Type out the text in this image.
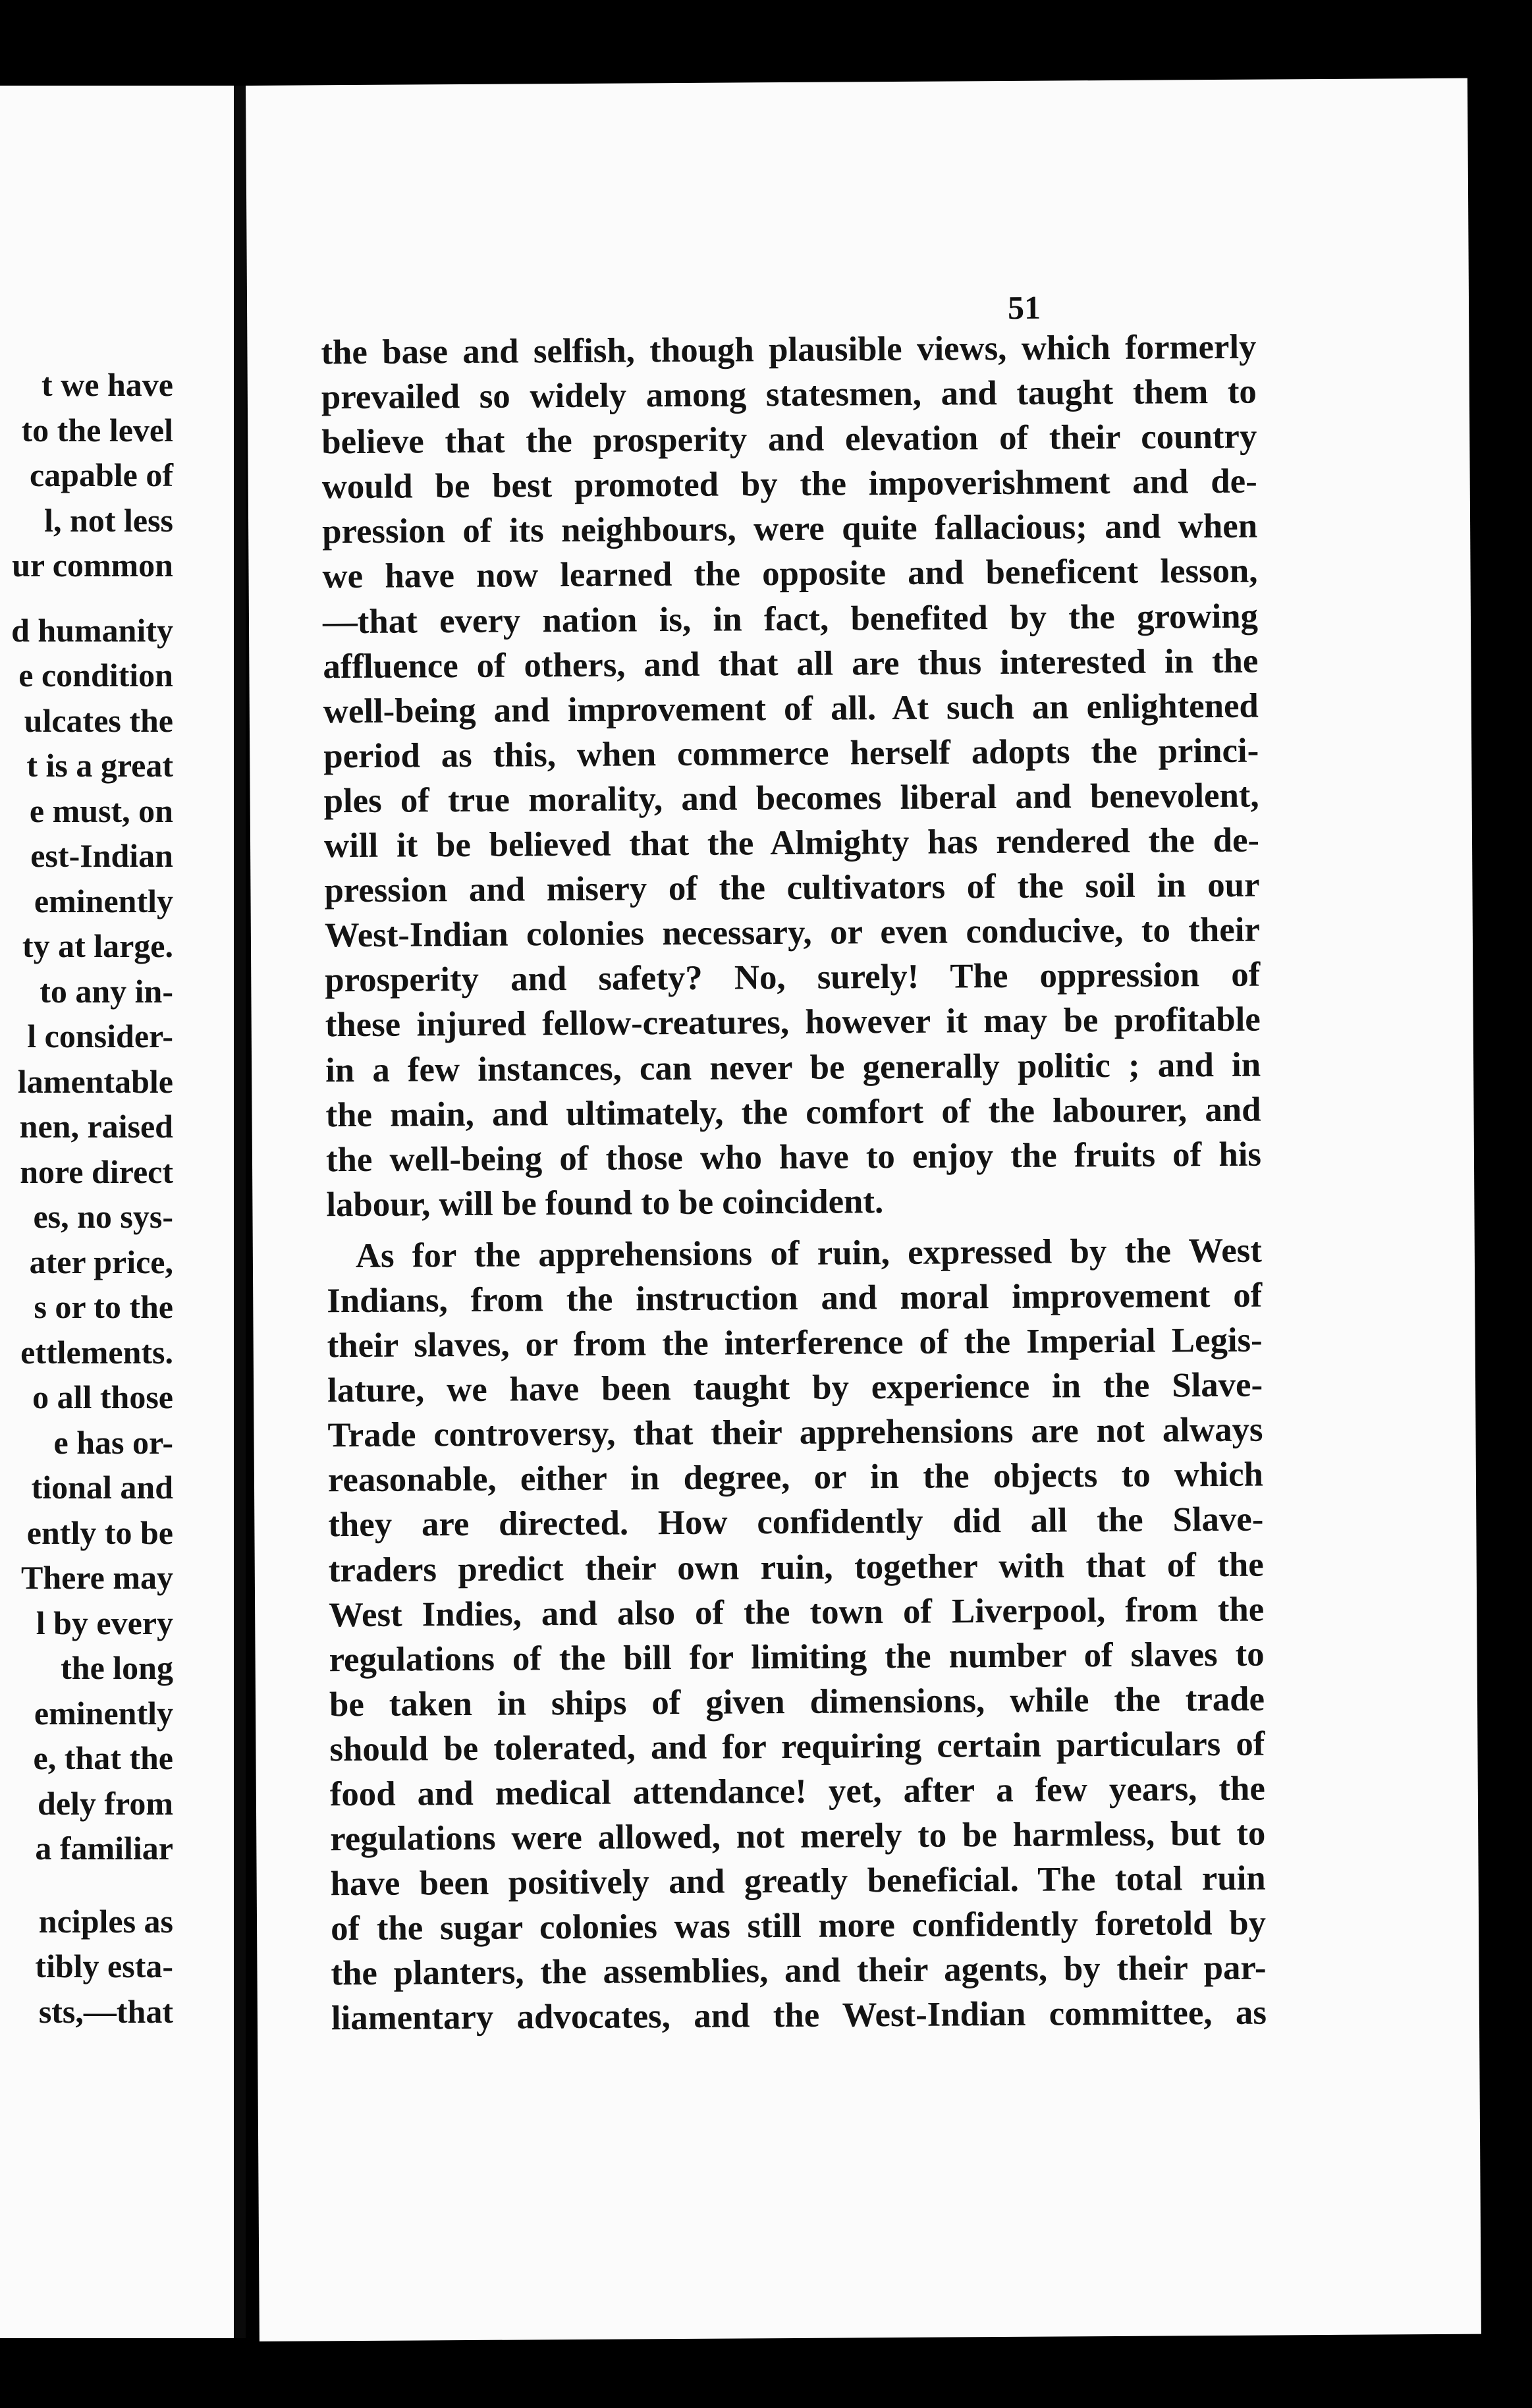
t we have
to the level
capable of
l, not less
ur common
d humanity
e condition
ulcates the
t is a great
e must, on
est-Indian
eminently
ty at large.
to any in-
l consider-
lamentable
nen, raised
nore direct
es, no sys-
ater price,
s or to the
ettlements.
o all those
e has or-
tional and
ently to be
There may
l by every
the long
eminently
e, that the
dely from
a familiar
nciples as
tibly esta-
sts,—that

51

the base and selfish, though plausible views, which formerly
prevailed so widely among statesmen, and taught them to
believe that the prosperity and elevation of their country
would be best promoted by the impoverishment and de-
pression of its neighbours, were quite fallacious; and when
we have now learned the opposite and beneficent lesson,
—that every nation is, in fact, benefited by the growing
affluence of others, and that all are thus interested in the
well-being and improvement of all. At such an enlightened
period as this, when commerce herself adopts the princi-
ples of true morality, and becomes liberal and benevolent,
will it be believed that the Almighty has rendered the de-
pression and misery of the cultivators of the soil in our
West-Indian colonies necessary, or even conducive, to their
prosperity and safety? No, surely! The oppression of
these injured fellow-creatures, however it may be profitable
in a few instances, can never be generally politic ; and in
the main, and ultimately, the comfort of the labourer, and
the well-being of those who have to enjoy the fruits of his
labour, will be found to be coincident.
As for the apprehensions of ruin, expressed by the West
Indians, from the instruction and moral improvement of
their slaves, or from the interference of the Imperial Legis-
lature, we have been taught by experience in the Slave-
Trade controversy, that their apprehensions are not always
reasonable, either in degree, or in the objects to which
they are directed. How confidently did all the Slave-
traders predict their own ruin, together with that of the
West Indies, and also of the town of Liverpool, from the
regulations of the bill for limiting the number of slaves to
be taken in ships of given dimensions, while the trade
should be tolerated, and for requiring certain particulars of
food and medical attendance! yet, after a few years, the
regulations were allowed, not merely to be harmless, but to
have been positively and greatly beneficial. The total ruin
of the sugar colonies was still more confidently foretold by
the planters, the assemblies, and their agents, by their par-
liamentary advocates, and the West-Indian committee, as
